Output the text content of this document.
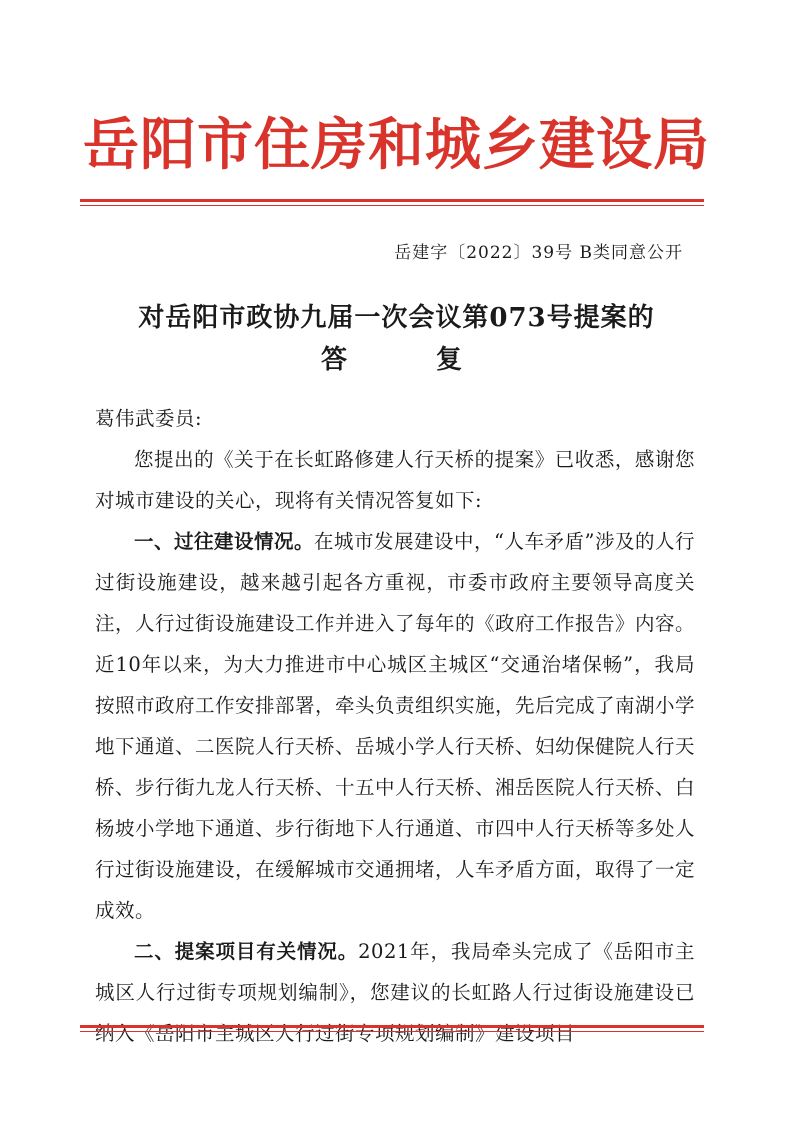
岳阳市住房和城乡建设局
岳建字〔2022〕39号 B类同意公开
对岳阳市政协九届一次会议第073号提案的
答 复

葛伟武委员:

您提出的《关于在长虹路修建人行天桥的提案》已收悉，感谢您对城市建设的关心，现将有关情况答复如下:

一、过往建设情况。在城市发展建设中，“人车矛盾”涉及的人行过街设施建设，越来越引起各方重视，市委市政府主要领导高度关注，人行过街设施建设工作并进入了每年的《政府工作报告》内容。近10年以来，为大力推进市中心城区主城区“交通治堵保畅”，我局按照市政府工作安排部署，牵头负责组织实施，先后完成了南湖小学地下通道、二医院人行天桥、岳城小学人行天桥、妇幼保健院人行天桥、步行街九龙人行天桥、十五中人行天桥、湘岳医院人行天桥、白杨坡小学地下通道、步行街地下人行通道、市四中人行天桥等多处人行过街设施建设，在缓解城市交通拥堵，人车矛盾方面，取得了一定成效。

二、提案项目有关情况。2021年，我局牵头完成了《岳阳市主城区人行过街专项规划编制》，您建议的长虹路人行过街设施建设已纳入《岳阳市主城区人行过街专项规划编制》建设项目
